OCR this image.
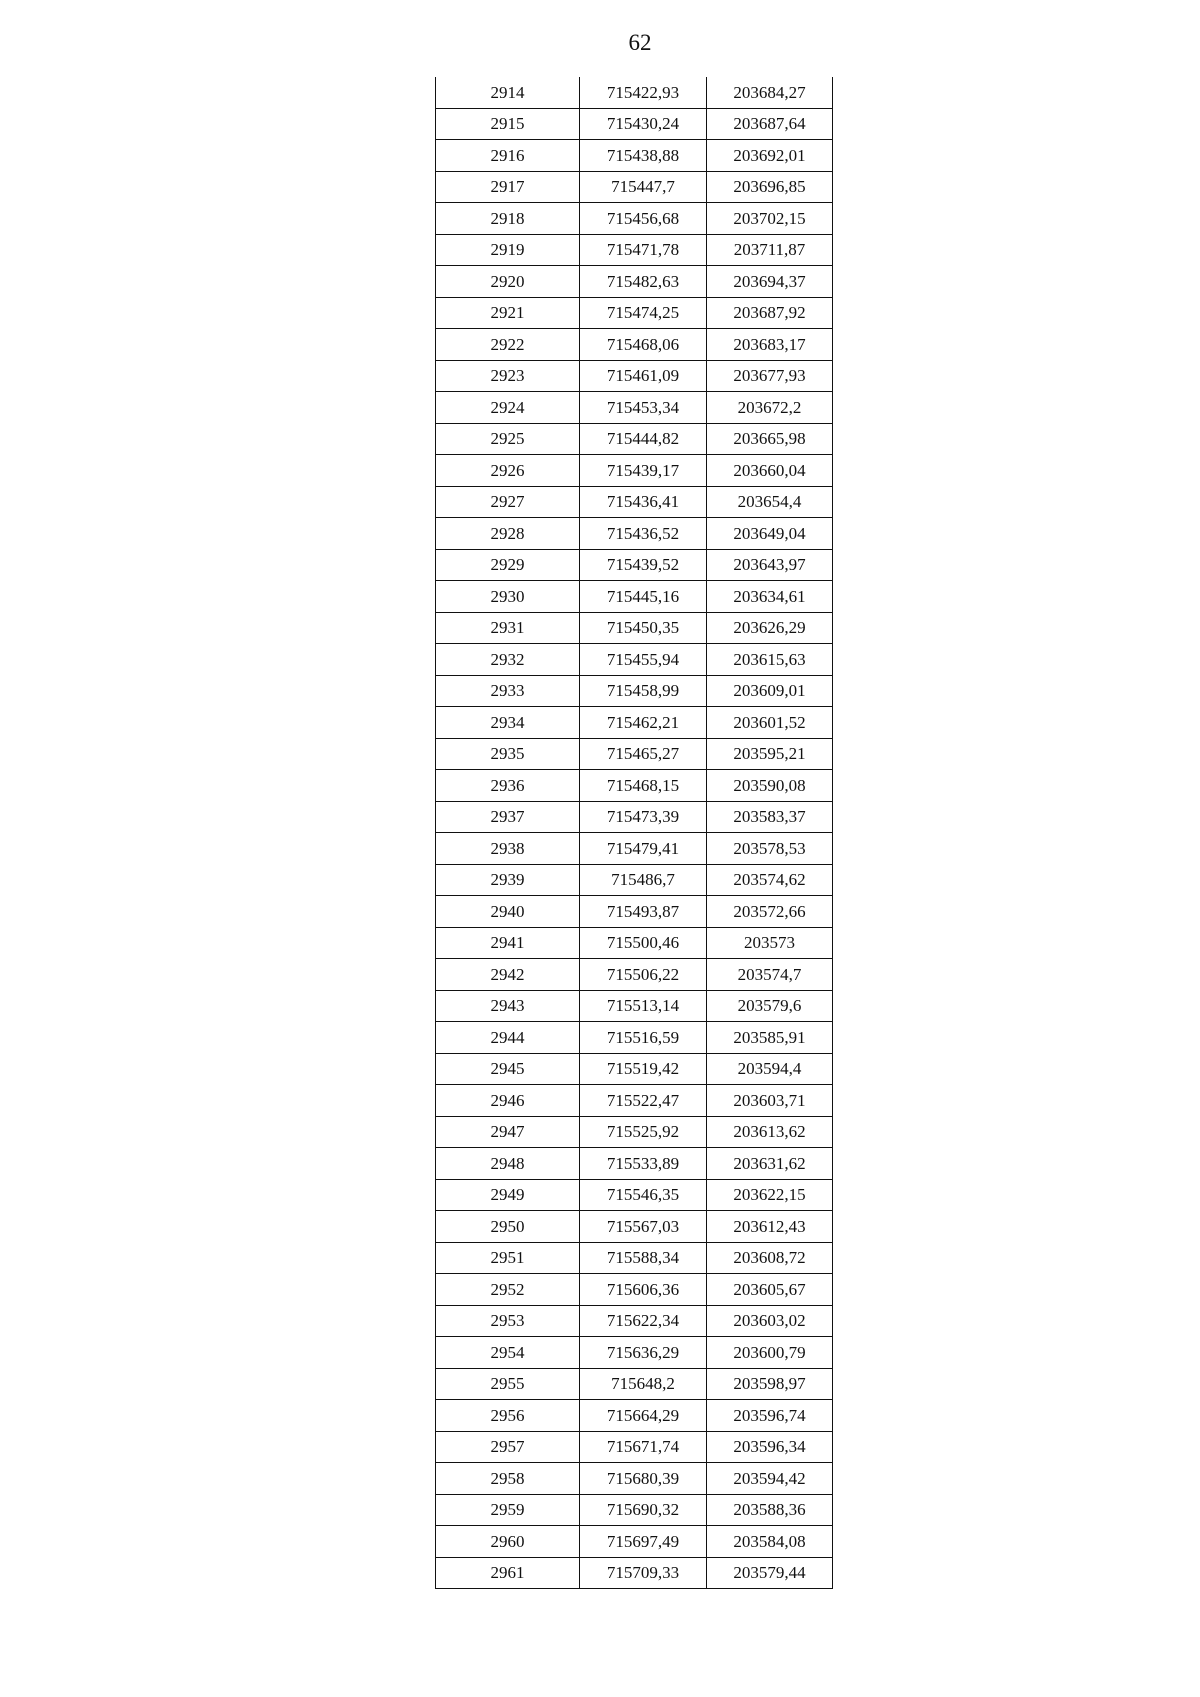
62
2914	715422,93	203684,27
2915	715430,24	203687,64
2916	715438,88	203692,01
2917	715447,7	203696,85
2918	715456,68	203702,15
2919	715471,78	203711,87
2920	715482,63	203694,37
2921	715474,25	203687,92
2922	715468,06	203683,17
2923	715461,09	203677,93
2924	715453,34	203672,2
2925	715444,82	203665,98
2926	715439,17	203660,04
2927	715436,41	203654,4
2928	715436,52	203649,04
2929	715439,52	203643,97
2930	715445,16	203634,61
2931	715450,35	203626,29
2932	715455,94	203615,63
2933	715458,99	203609,01
2934	715462,21	203601,52
2935	715465,27	203595,21
2936	715468,15	203590,08
2937	715473,39	203583,37
2938	715479,41	203578,53
2939	715486,7	203574,62
2940	715493,87	203572,66
2941	715500,46	203573
2942	715506,22	203574,7
2943	715513,14	203579,6
2944	715516,59	203585,91
2945	715519,42	203594,4
2946	715522,47	203603,71
2947	715525,92	203613,62
2948	715533,89	203631,62
2949	715546,35	203622,15
2950	715567,03	203612,43
2951	715588,34	203608,72
2952	715606,36	203605,67
2953	715622,34	203603,02
2954	715636,29	203600,79
2955	715648,2	203598,97
2956	715664,29	203596,74
2957	715671,74	203596,34
2958	715680,39	203594,42
2959	715690,32	203588,36
2960	715697,49	203584,08
2961	715709,33	203579,44
